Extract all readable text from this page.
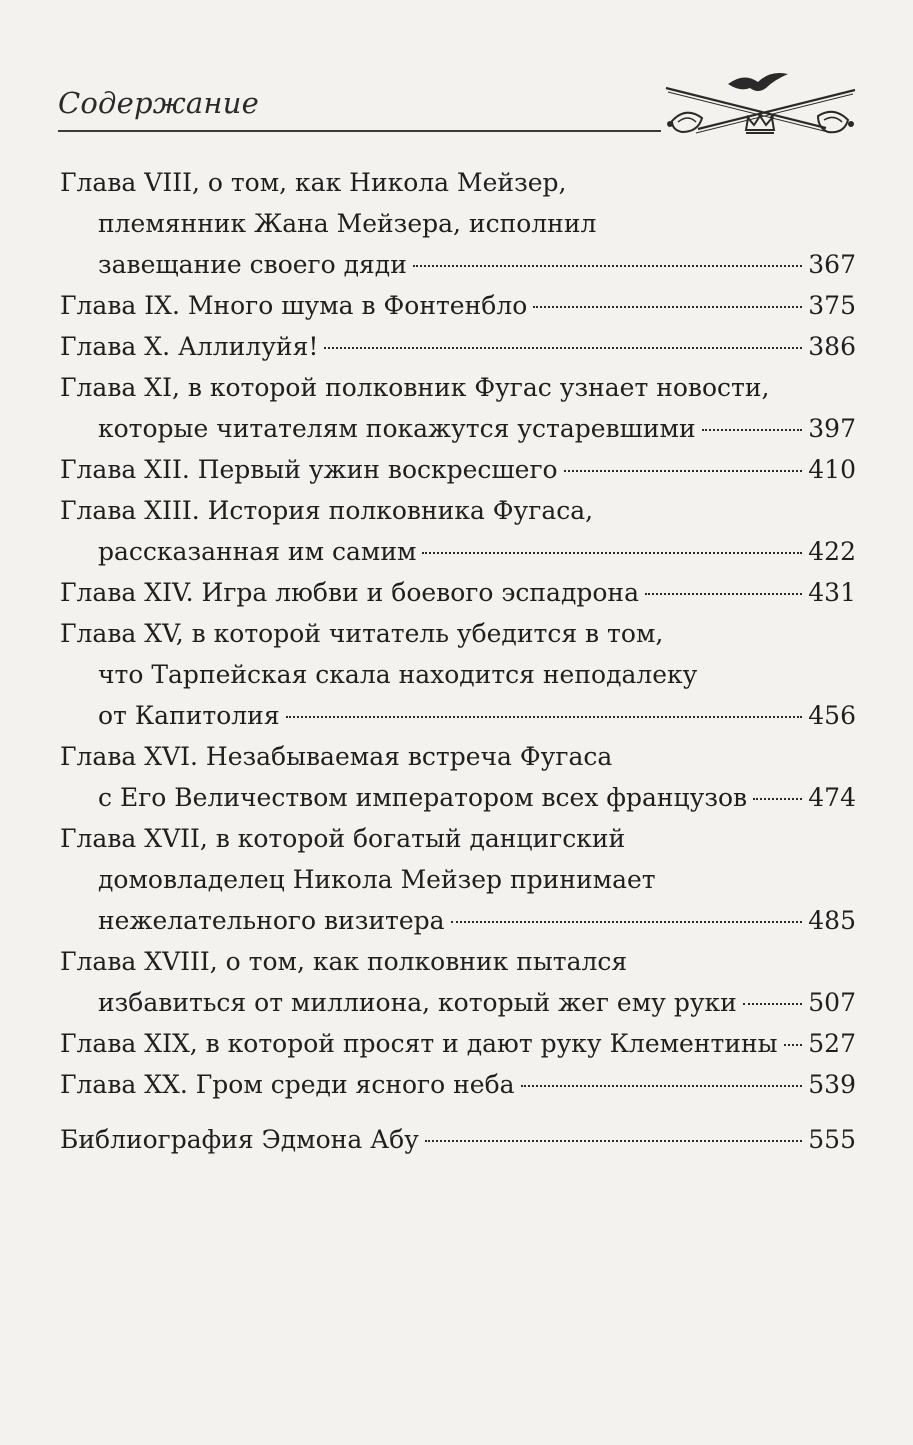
Содержание
Глава VIII, о том, как Никола Мейзер,
племянник Жана Мейзера, исполнил
завещание своего дяди	367
Глава IX. Много шума в Фонтенбло	375
Глава X. Аллилуйя!	386
Глава XI, в которой полковник Фугас узнает новости,
которые читателям покажутся устаревшими	397
Глава XII. Первый ужин воскресшего	410
Глава XIII. История полковника Фугаса,
рассказанная им самим	422
Глава XIV. Игра любви и боевого эспадрона	431
Глава XV, в которой читатель убедится в том,
что Тарпейская скала находится неподалеку
от Капитолия	456
Глава XVI. Незабываемая встреча Фугаса
с Его Величеством императором всех французов 474
Глава XVII, в которой богатый данцигский
домовладелец Никола Мейзер принимает
нежелательного визитера	485
Глава XVIII, о том, как полковник пытался
избавиться от миллиона, который жег ему руки	507
Глава XIX, в которой просят и дают руку Клементины 527
Глава XX. Гром среди ясного неба	539
Библиография Эдмона Абу	555
